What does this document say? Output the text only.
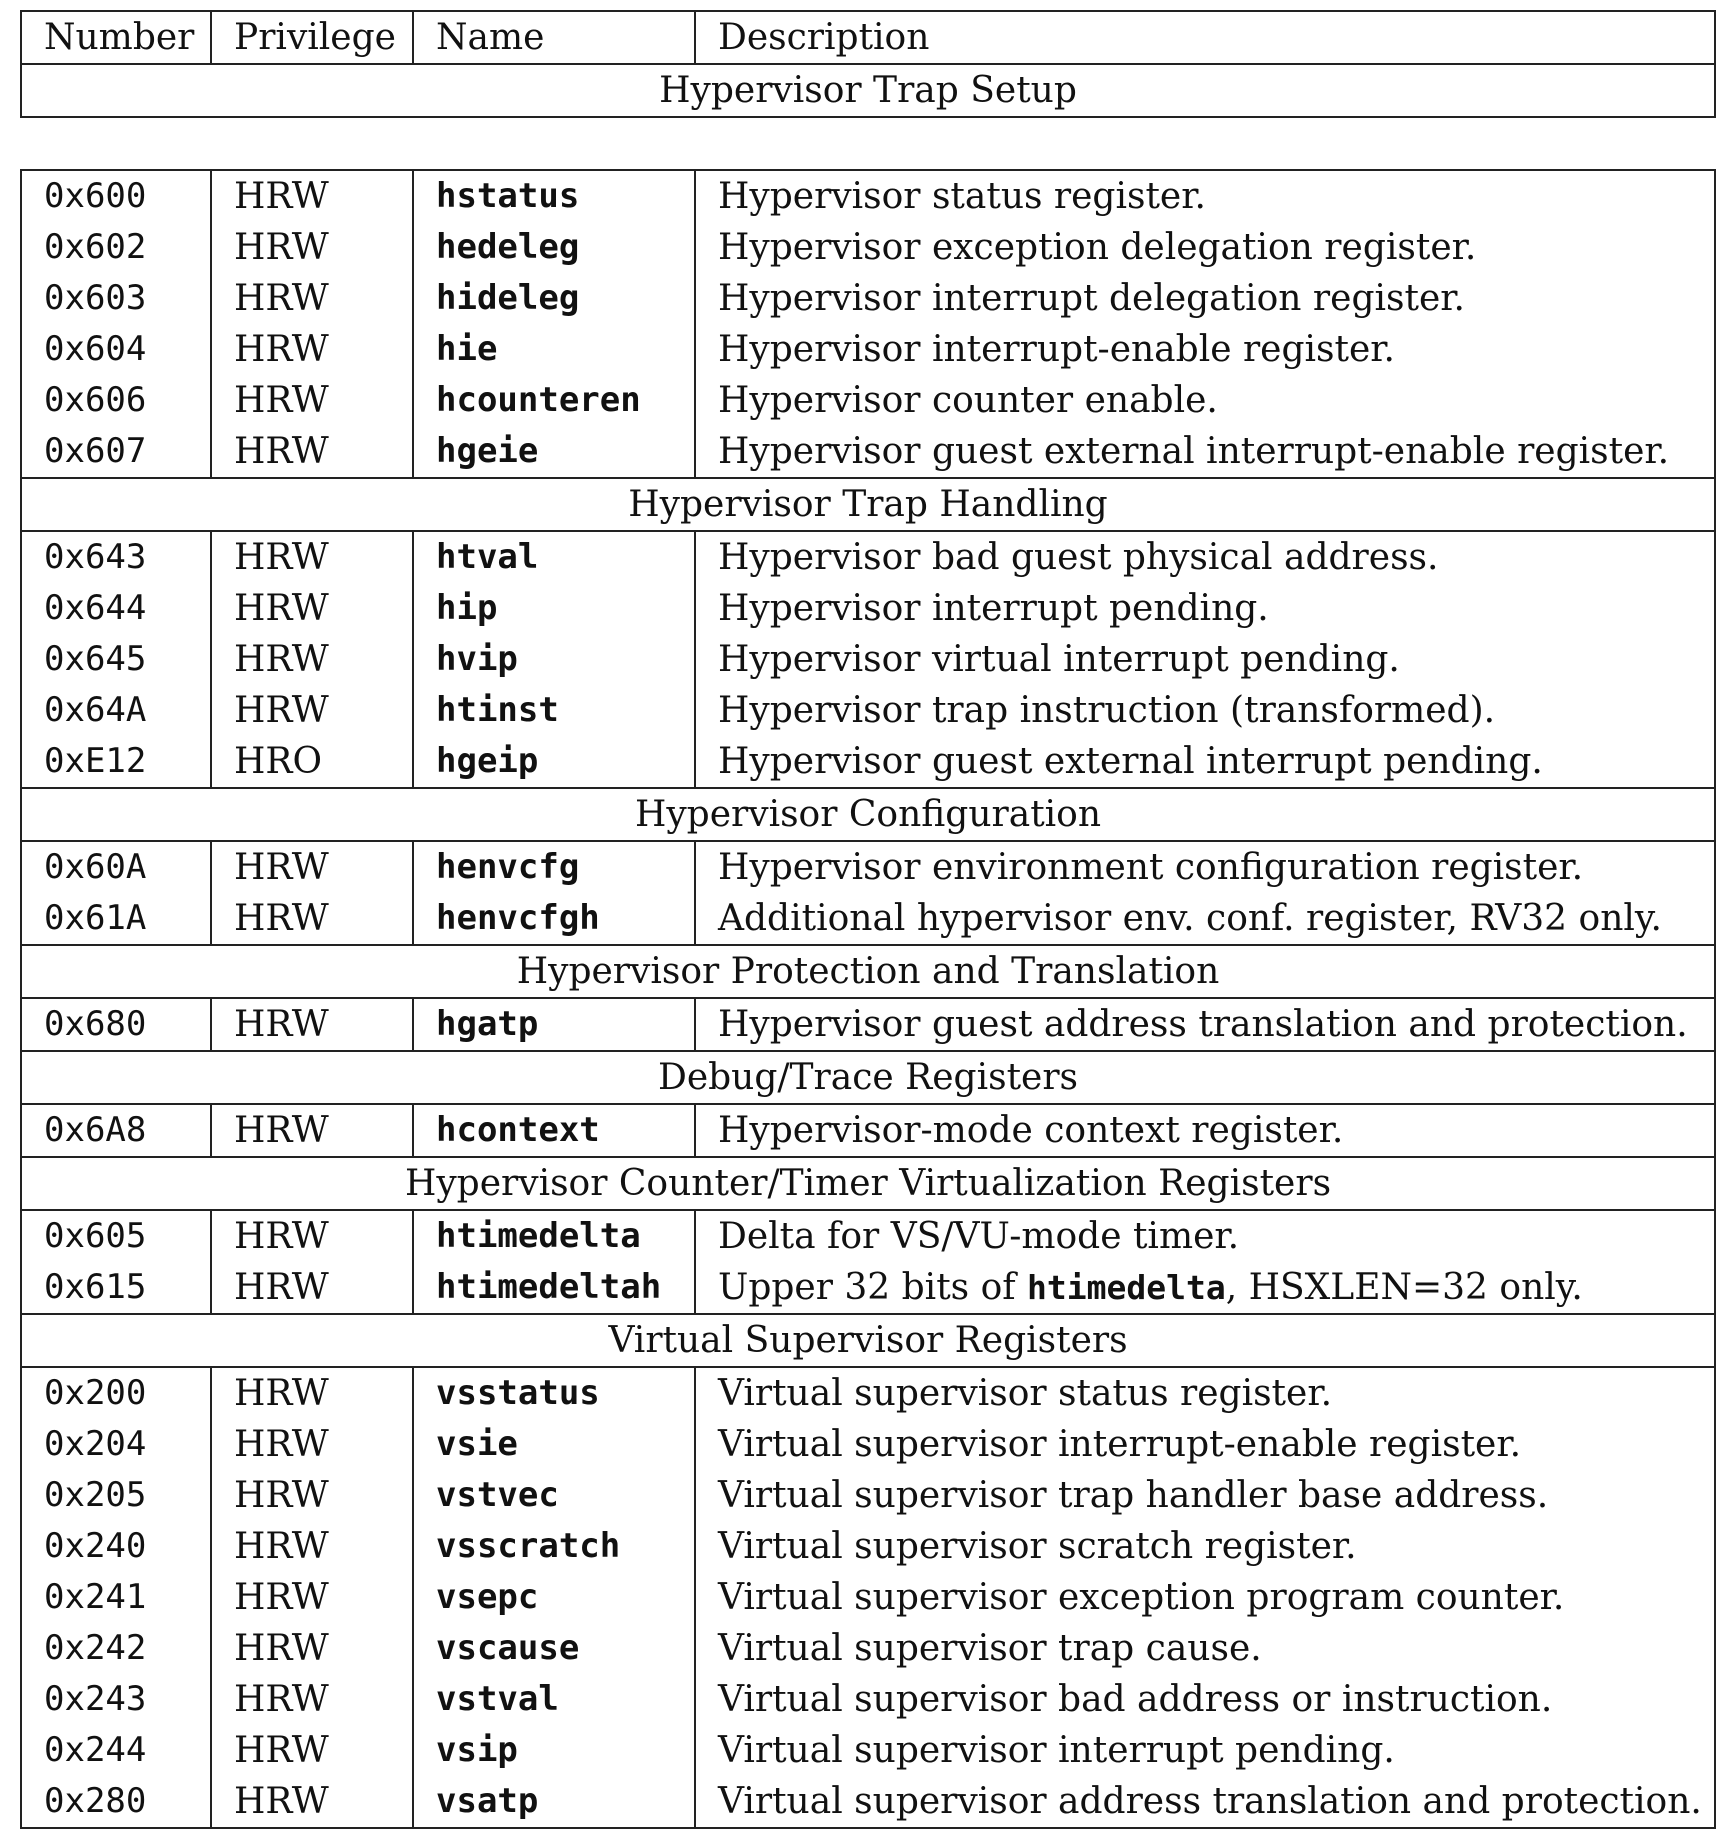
Number	Privilege	Name	Description
Hypervisor Trap Setup			

0x600	HRW	hstatus	Hypervisor status register.
0x602	HRW	hedeleg	Hypervisor exception delegation register.
0x603	HRW	hideleg	Hypervisor interrupt delegation register.
0x604	HRW	hie	Hypervisor interrupt-enable register.
0x606	HRW	hcounteren	Hypervisor counter enable.
0x607	HRW	hgeie	Hypervisor guest external interrupt-enable register.
Hypervisor Trap Handling			
0x643	HRW	htval	Hypervisor bad guest physical address.
0x644	HRW	hip	Hypervisor interrupt pending.
0x645	HRW	hvip	Hypervisor virtual interrupt pending.
0x64A	HRW	htinst	Hypervisor trap instruction (transformed).
0xE12	HRO	hgeip	Hypervisor guest external interrupt pending.
Hypervisor Configuration			
0x60A	HRW	henvcfg	Hypervisor environment configuration register.
0x61A	HRW	henvcfgh	Additional hypervisor env. conf. register, RV32 only.
Hypervisor Protection and Translation			
0x680	HRW	hgatp	Hypervisor guest address translation and protection.
Debug/Trace Registers			
0x6A8	HRW	hcontext	Hypervisor-mode context register.
Hypervisor Counter/Timer Virtualization Registers			
0x605	HRW	htimedelta	Delta for VS/VU-mode timer.
0x615	HRW	htimedeltah	Upper 32 bits of htimedelta, HSXLEN=32 only.
Virtual Supervisor Registers			
0x200	HRW	vsstatus	Virtual supervisor status register.
0x204	HRW	vsie	Virtual supervisor interrupt-enable register.
0x205	HRW	vstvec	Virtual supervisor trap handler base address.
0x240	HRW	vsscratch	Virtual supervisor scratch register.
0x241	HRW	vsepc	Virtual supervisor exception program counter.
0x242	HRW	vscause	Virtual supervisor trap cause.
0x243	HRW	vstval	Virtual supervisor bad address or instruction.
0x244	HRW	vsip	Virtual supervisor interrupt pending.
0x280	HRW	vsatp	Virtual supervisor address translation and protection.
